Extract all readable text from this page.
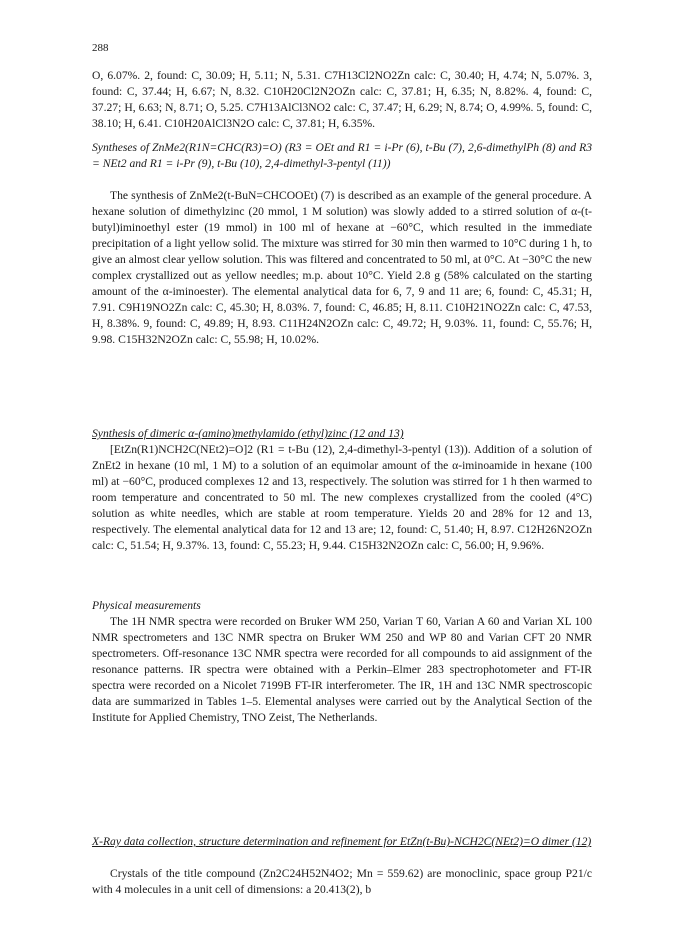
288

O, 6.07%. 2, found: C, 30.09; H, 5.11; N, 5.31. C7H13Cl2NO2Zn calc: C, 30.40; H, 4.74; N, 5.07%. 3, found: C, 37.44; H, 6.67; N, 8.32. C10H20Cl2N2OZn calc: C, 37.81; H, 6.35; N, 8.82%. 4, found: C, 37.27; H, 6.63; N, 8.71; O, 5.25. C7H13AlCl3NO2 calc: C, 37.47; H, 6.29; N, 8.74; O, 4.99%. 5, found: C, 38.10; H, 6.41. C10H20AlCl3N2O calc: C, 37.81; H, 6.35%.

Syntheses of ZnMe2(R1N=CHC(R3)=O) (R3 = OEt and R1 = i-Pr (6), t-Bu (7), 2,6-dimethylPh (8) and R3 = NEt2 and R1 = i-Pr (9), t-Bu (10), 2,4-dimethyl-3-pentyl (11))

The synthesis of ZnMe2(t-BuN=CHCOOEt) (7) is described as an example of the general procedure. A hexane solution of dimethylzinc (20 mmol, 1 M solution) was slowly added to a stirred solution of α-(t-butyl)iminoethyl ester (19 mmol) in 100 ml of hexane at −60°C, which resulted in the immediate precipitation of a light yellow solid. The mixture was stirred for 30 min then warmed to 10°C during 1 h, to give an almost clear yellow solution. This was filtered and concentrated to 50 ml, at 0°C. At −30°C the new complex crystallized out as yellow needles; m.p. about 10°C. Yield 2.8 g (58% calculated on the starting amount of the α-iminoester). The elemental analytical data for 6, 7, 9 and 11 are; 6, found: C, 45.31; H, 7.91. C9H19NO2Zn calc: C, 45.30; H, 8.03%. 7, found: C, 46.85; H, 8.11. C10H21NO2Zn calc: C, 47.53, H, 8.38%. 9, found: C, 49.89; H, 8.93. C11H24N2OZn calc: C, 49.72; H, 9.03%. 11, found: C, 55.76; H, 9.98. C15H32N2OZn calc: C, 55.98; H, 10.02%.

Synthesis of dimeric α-(amino)methylamido (ethyl)zinc (12 and 13)

[EtZn(R1)NCH2C(NEt2)=O]2 (R1 = t-Bu (12), 2,4-dimethyl-3-pentyl (13)). Addition of a solution of ZnEt2 in hexane (10 ml, 1 M) to a solution of an equimolar amount of the α-iminoamide in hexane (100 ml) at −60°C, produced complexes 12 and 13, respectively. The solution was stirred for 1 h then warmed to room temperature and concentrated to 50 ml. The new complexes crystallized from the cooled (4°C) solution as white needles, which are stable at room temperature. Yields 20 and 28% for 12 and 13, respectively. The elemental analytical data for 12 and 13 are; 12, found: C, 51.40; H, 8.97. C12H26N2OZn calc: C, 51.54; H, 9.37%. 13, found: C, 55.23; H, 9.44. C15H32N2OZn calc: C, 56.00; H, 9.96%.

Physical measurements

The 1H NMR spectra were recorded on Bruker WM 250, Varian T 60, Varian A 60 and Varian XL 100 NMR spectrometers and 13C NMR spectra on Bruker WM 250 and WP 80 and Varian CFT 20 NMR spectrometers. Off-resonance 13C NMR spectra were recorded for all compounds to aid assignment of the resonance patterns. IR spectra were obtained with a Perkin–Elmer 283 spectrophotometer and FT-IR spectra were recorded on a Nicolet 7199B FT-IR interferometer. The IR, 1H and 13C NMR spectroscopic data are summarized in Tables 1–5. Elemental analyses were carried out by the Analytical Section of the Institute for Applied Chemistry, TNO Zeist, The Netherlands.

X-Ray data collection, structure determination and refinement for EtZn(t-Bu)-NCH2C(NEt2)=O dimer (12)

Crystals of the title compound (Zn2C24H52N4O2; Mn = 559.62) are monoclinic, space group P21/c with 4 molecules in a unit cell of dimensions: a 20.413(2), b
